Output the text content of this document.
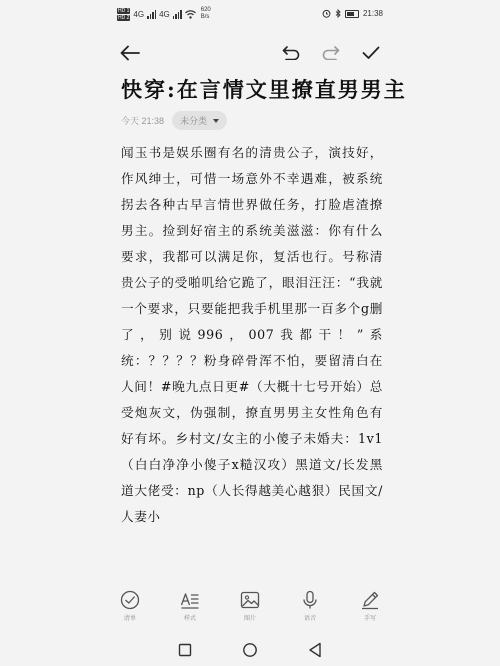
HD 1
HD 2 4G 4G	620
B/s	21:38
快穿:在言情文里撩直男男主
今天 21:38 未分类
闻玉书是娱乐圈有名的清贵公子，演技好，作风绅士，可惜一场意外不幸遇难，被系统拐去各种古早言情世界做任务，打脸虐渣撩男主。捡到好宿主的系统美滋滋：你有什么要求，我都可以满足你，复活也行。号称清贵公子的受啪叽给它跪了，眼泪汪汪：“我就一个要求，只要能把我手机里那一百多个g删了，别说996，007我都干！”系统：？？？？粉身碎骨浑不怕，要留清白在人间！#晚九点日更#（大概十七号开始）总受炮灰文，伪强制，撩直男男主女性角色有好有坏。乡村文/女主的小傻子未婚夫：1v1（白白净净小傻子x糙汉攻）黑道文/长发黑道大佬受：np（人长得越美心越狠）民国文/人妻小
清单	样式	图片	语音	手写
